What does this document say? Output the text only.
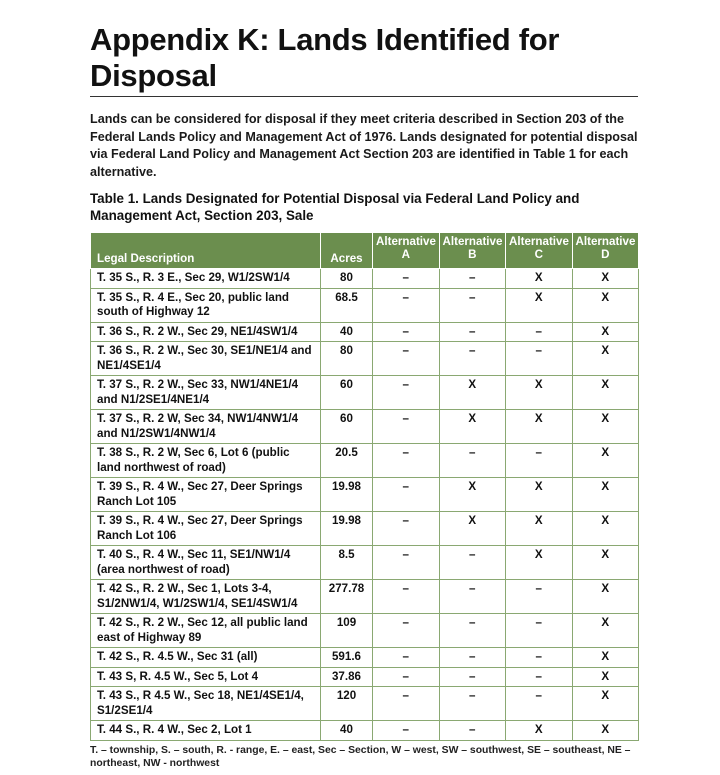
Appendix K: Lands Identified for Disposal

Lands can be considered for disposal if they meet criteria described in Section 203 of the Federal Lands Policy and Management Act of 1976. Lands designated for potential disposal via Federal Land Policy and Management Act Section 203 are identified in Table 1 for each alternative.

Table 1. Lands Designated for Potential Disposal via Federal Land Policy and Management Act, Section 203, Sale
Legal Description	Acres	Alternative A	Alternative B	Alternative C	Alternative D
T. 35 S., R. 3 E., Sec 29, W1/2SW1/4	80	–	–	X	X
T. 35 S., R. 4 E., Sec 20, public land south of Highway 12	68.5	–	–	X	X
T. 36 S., R. 2 W., Sec 29, NE1/4SW1/4	40	–	–	–	X
T. 36 S., R. 2 W., Sec 30, SE1/NE1/4 and NE1/4SE1/4	80	–	–	–	X
T. 37 S., R. 2 W., Sec 33, NW1/4NE1/4 and N1/2SE1/4NE1/4	60	–	X	X	X
T. 37 S., R. 2 W, Sec 34, NW1/4NW1/4 and N1/2SW1/4NW1/4	60	–	X	X	X
T. 38 S., R. 2 W, Sec 6, Lot 6 (public land northwest of road)	20.5	–	–	–	X
T. 39 S., R. 4 W., Sec 27, Deer Springs Ranch Lot 105	19.98	–	X	X	X
T. 39 S., R. 4 W., Sec 27, Deer Springs Ranch Lot 106	19.98	–	X	X	X
T. 40 S., R. 4 W., Sec 11, SE1/NW1/4 (area northwest of road)	8.5	–	–	X	X
T. 42 S., R. 2 W., Sec 1, Lots 3-4, S1/2NW1/4, W1/2SW1/4, SE1/4SW1/4	277.78	–	–	–	X
T. 42 S., R. 2 W., Sec 12, all public land east of Highway 89	109	–	–	–	X
T. 42 S., R. 4.5 W., Sec 31 (all)	591.6	–	–	–	X
T. 43 S, R. 4.5 W., Sec 5, Lot 4	37.86	–	–	–	X
T. 43 S., R 4.5 W., Sec 18, NE1/4SE1/4, S1/2SE1/4	120	–	–	–	X
T. 44 S., R. 4 W., Sec 2, Lot 1	40	–	–	X	X
T. – township, S. – south, R. - range, E. – east, Sec – Section, W – west, SW – southwest, SE – southeast, NE – northeast, NW - northwest
